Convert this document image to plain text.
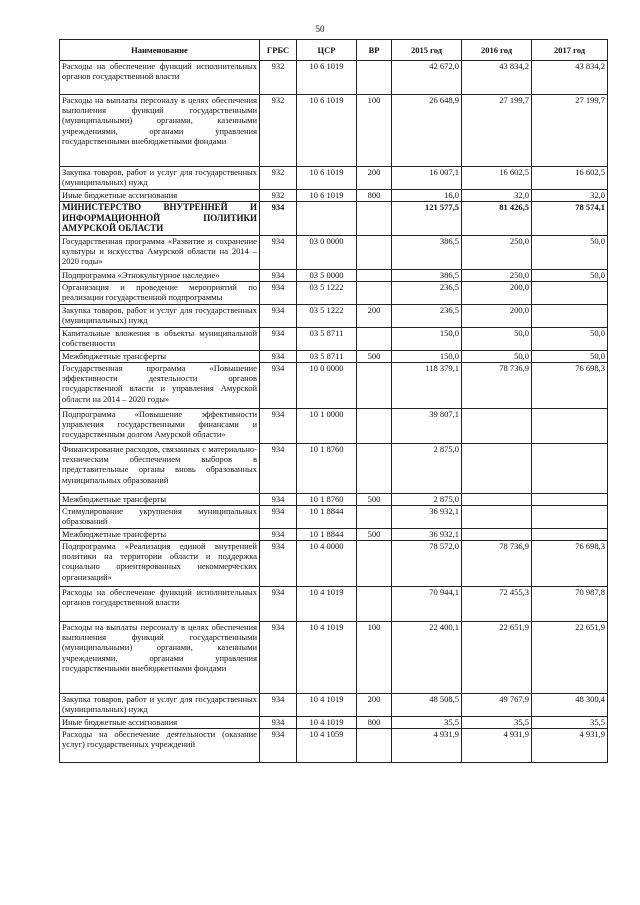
50
Наименование	ГРБС	ЦСР	ВР	2015 год	2016 год	2017 год
Расходы на обеспечение функций исполнительных органов государственной власти	932	10 6 1019		42 672,0	43 834,2	43 834,2
Расходы на выплаты персоналу в целях обеспечения выполнения функций государственными (муниципальными) органами, казенными учреждениями, органами управления государственными внебюджетными фондами	932	10 6 1019	100	26 648,9	27 199,7	27 199,7
Закупка товаров, работ и услуг для государственных (муниципальных) нужд	932	10 6 1019	200	16 007,1	16 602,5	16 602,5
Иные бюджетные ассигнования	932	10 6 1019	800	16,0	32,0	32,0
МИНИСТЕРСТВО ВНУТРЕННЕЙ И ИНФОРМАЦИОННОЙ ПОЛИТИКИ АМУРСКОЙ ОБЛАСТИ	934			121 577,5	81 426,5	78 574,1
Государственная программа «Развитие и сохранение культуры и искусства Амурской области на 2014 – 2020 годы»	934	03 0 0000		386,5	250,0	50,0
Подпрограмма «Этнокультурное наследие»	934	03 5 0000		386,5	250,0	50,0
Организация и проведение мероприятий по реализации государственной подпрограммы	934	03 5 1222		236,5	200,0	
Закупка товаров, работ и услуг для государственных (муниципальных) нужд	934	03 5 1222	200	236,5	200,0	
Капитальные вложения в объекты муниципальной собственности	934	03 5 8711		150,0	50,0	50,0
Межбюджетные трансферты	934	03 5 8711	500	150,0	50,0	50,0
Государственная программа «Повышение эффективности деятельности органов государственной власти и управления Амурской области на 2014 – 2020 годы»	934	10 0 0000		118 379,1	78 736,9	76 698,3
Подпрограмма «Повышение эффективности управления государственными финансами и государственным долгом Амурской области»	934	10 1 0000		39 807,1		
Финансирование расходов, связанных с материально-техническим обеспечением выборов в представительные органы вновь образованных муниципальных образований	934	10 1 8760		2 875,0		
Межбюджетные трансферты	934	10 1 8760	500	2 875,0		
Стимулирование укрупнения муниципальных образований	934	10 1 8844		36 932,1		
Межбюджетные трансферты	934	10 1 8844	500	36 932,1		
Подпрограмма «Реализация единой внутренней политики на территории области и поддержка социально ориентированных некоммерческих организаций»	934	10 4 0000		78 572,0	78 736,9	76 698,3
Расходы на обеспечение функций исполнительных органов государственной власти	934	10 4 1019		70 944,1	72 455,3	70 987,8
Расходы на выплаты персоналу в целях обеспечения выполнения функций государственными (муниципальными) органами, казенными учреждениями, органами управления государственными внебюджетными фондами	934	10 4 1019	100	22 400,1	22 651,9	22 651,9
Закупка товаров, работ и услуг для государственных (муниципальных) нужд	934	10 4 1019	200	48 508,5	49 767,9	48 300,4
Иные бюджетные ассигнования	934	10 4 1019	800	35,5	35,5	35,5
Расходы на обеспечение деятельности (оказание услуг) государственных учреждений	934	10 4 1059		4 931,9	4 931,9	4 931,9
